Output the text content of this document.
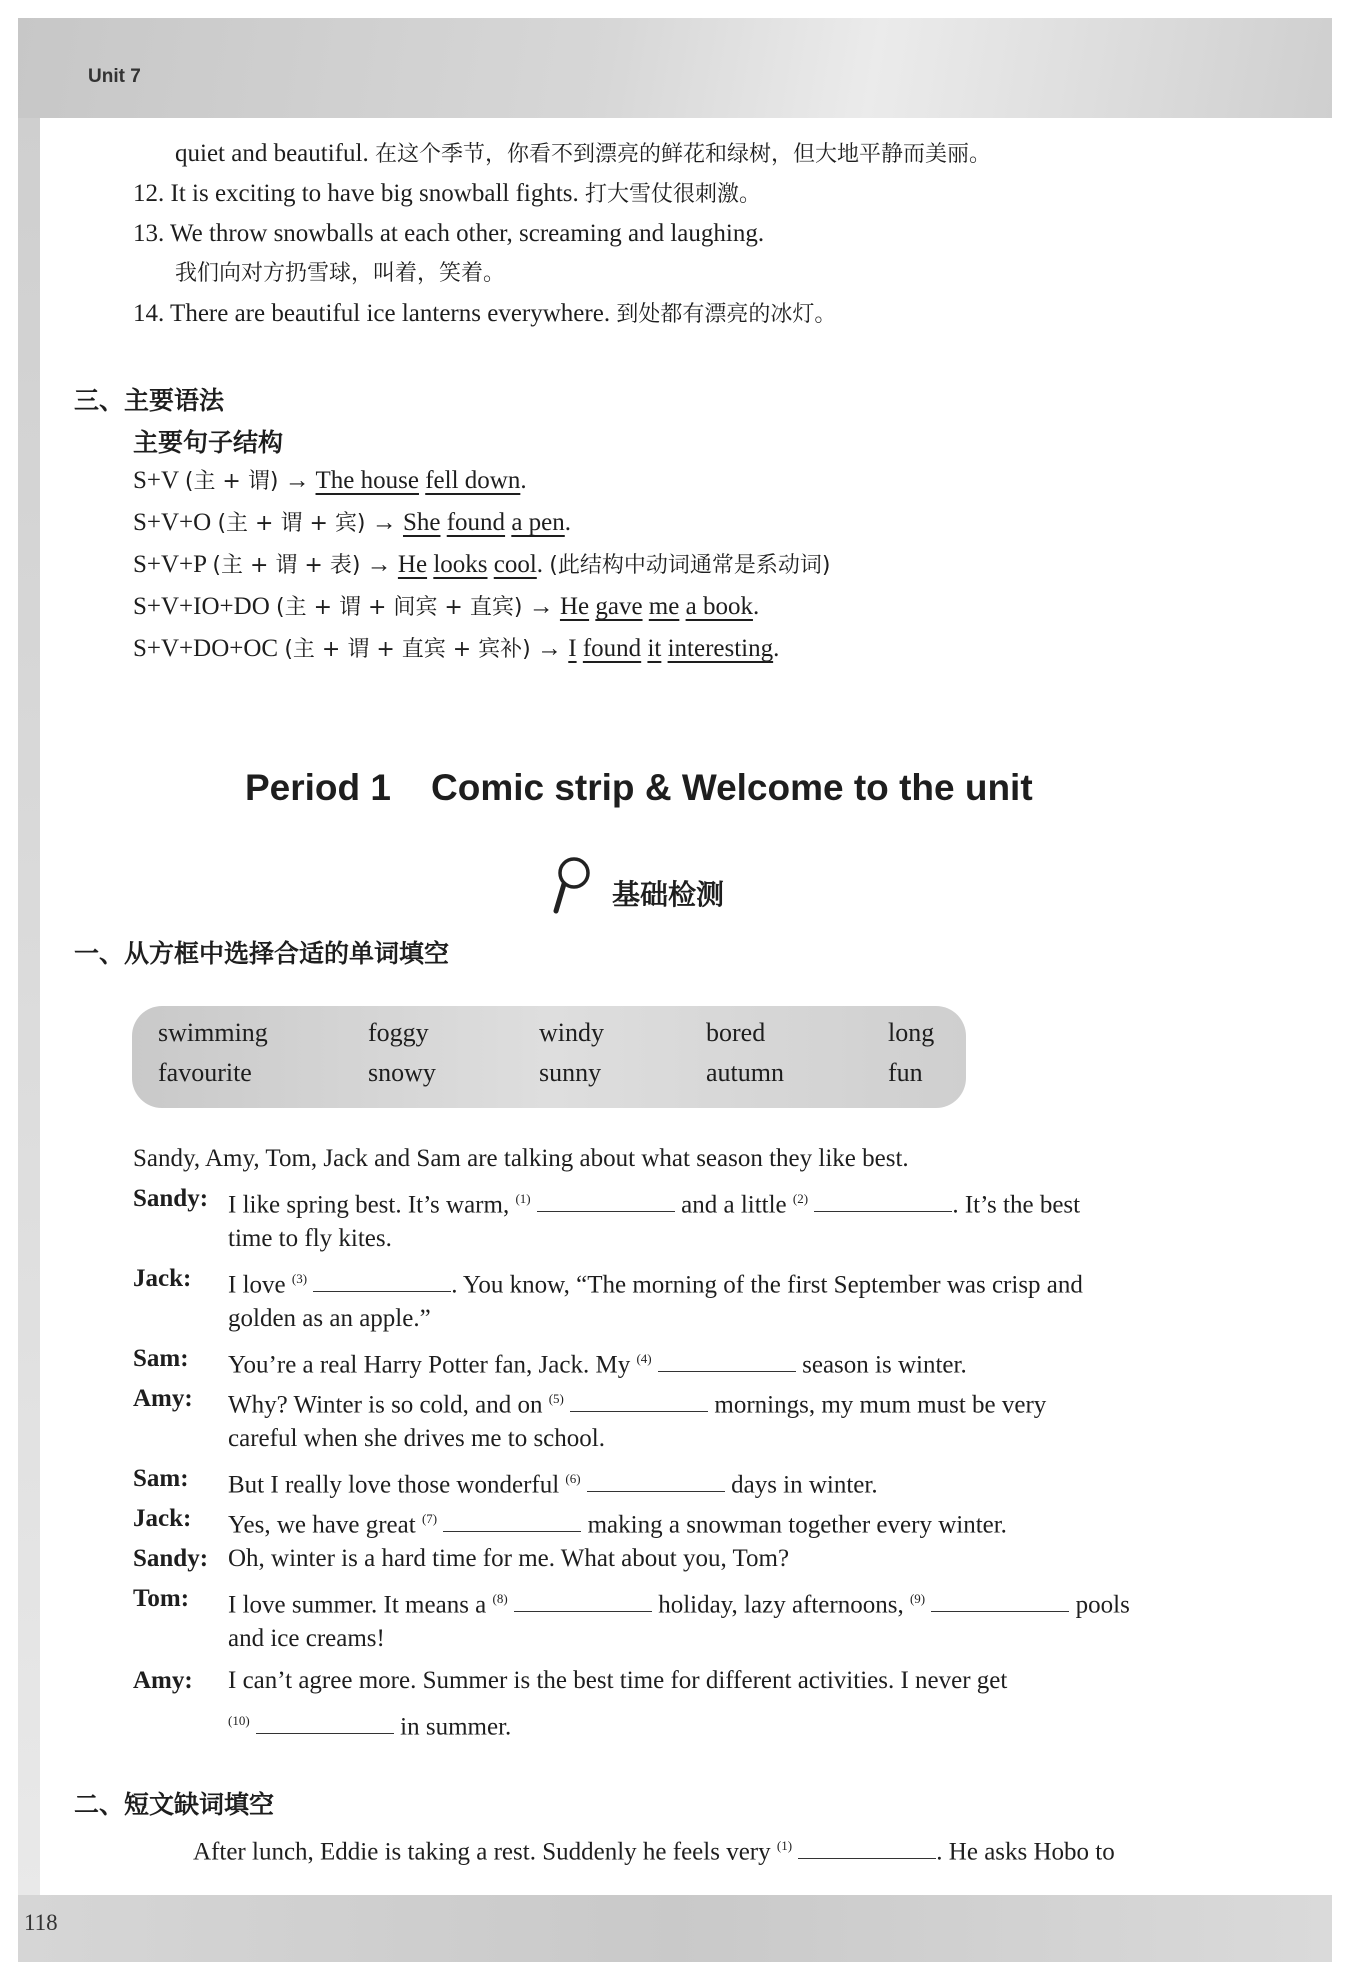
Unit 7
118
quiet and beautiful. 在这个季节，你看不到漂亮的鲜花和绿树，但大地平静而美丽。
12. It is exciting to have big snowball fights. 打大雪仗很刺激。
13. We throw snowballs at each other, screaming and laughing.
我们向对方扔雪球，叫着，笑着。
14. There are beautiful ice lanterns everywhere. 到处都有漂亮的冰灯。
三、主要语法
主要句子结构
S+V (主 + 谓) → The house fell down.
S+V+O (主 + 谓 + 宾) → She found a pen.
S+V+P (主 + 谓 + 表) → He looks cool. (此结构中动词通常是系动词)
S+V+IO+DO (主 + 谓 + 间宾 + 直宾) → He gave me a book.
S+V+DO+OC (主 + 谓 + 直宾 + 宾补) → I found it interesting.
Period 1 Comic strip & Welcome to the unit
基础检测
一、从方框中选择合适的单词填空
swimming	foggy	windy	bored	long
favourite	snowy	sunny	autumn	fun
Sandy, Amy, Tom, Jack and Sam are talking about what season they like best.
Sandy: I like spring best. It’s warm, $^{(1)}$	and a little $^{(2)}$	. It’s the best
time to fly kites.
Jack: I love $^{(3)}$	. You know, “The morning of the first September was crisp and
golden as an apple.”
Sam: You’re a real Harry Potter fan, Jack. My $^{(4)}$	season is winter.
Amy: Why? Winter is so cold, and on $^{(5)}$	mornings, my mum must be very
careful when she drives me to school.
Sam: But I really love those wonderful $^{(6)}$	days in winter.
Jack: Yes, we have great $^{(7)}$	making a snowman together every winter.
Sandy: Oh, winter is a hard time for me. What about you, Tom?
Tom: I love summer. It means a $^{(8)}$	holiday, lazy afternoons, $^{(9)}$	pools
and ice creams!
Amy: I can’t agree more. Summer is the best time for different activities. I never get
$^{(10)}$	in summer.
二、短文缺词填空
After lunch, Eddie is taking a rest. Suddenly he feels very $^{(1)}$	. He asks Hobo to
